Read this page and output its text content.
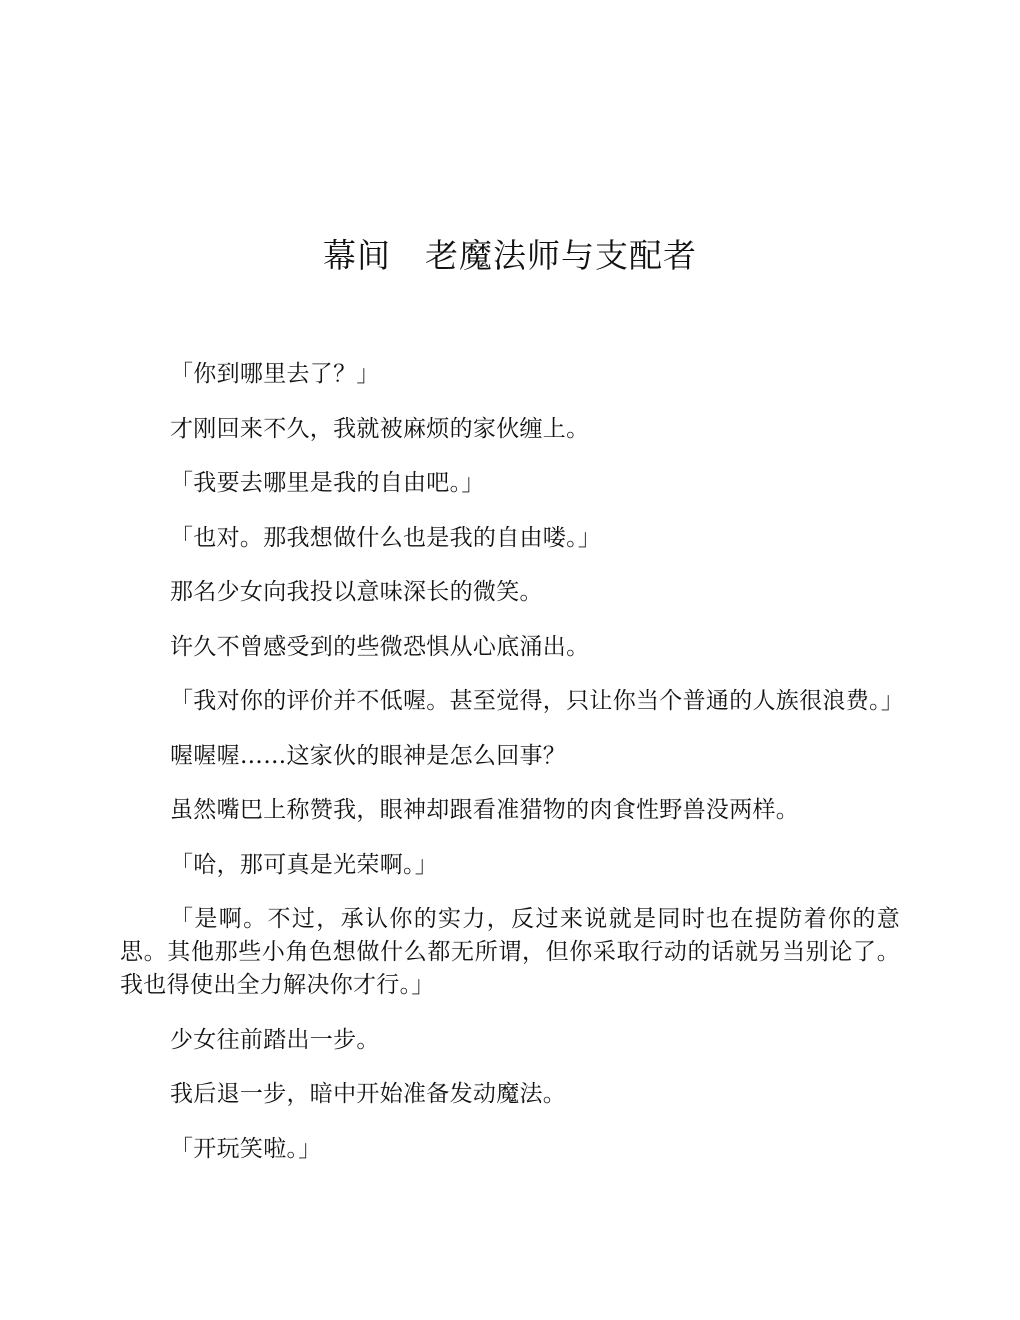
幕间　老魔法师与支配者

「你到哪里去了？」

才刚回来不久，我就被麻烦的家伙缠上。

「我要去哪里是我的自由吧。」

「也对。那我想做什么也是我的自由喽。」

那名少女向我投以意味深长的微笑。

许久不曾感受到的些微恐惧从心底涌出。

「我对你的评价并不低喔。甚至觉得，只让你当个普通的人族很浪费。」

喔喔喔……这家伙的眼神是怎么回事？

虽然嘴巴上称赞我，眼神却跟看准猎物的肉食性野兽没两样。

「哈，那可真是光荣啊。」

「是啊。不过，承认你的实力，反过来说就是同时也在提防着你的意思。其他那些小角色想做什么都无所谓，但你采取行动的话就另当别论了。我也得使出全力解决你才行。」

少女往前踏出一步。

我后退一步，暗中开始准备发动魔法。

「开玩笑啦。」
